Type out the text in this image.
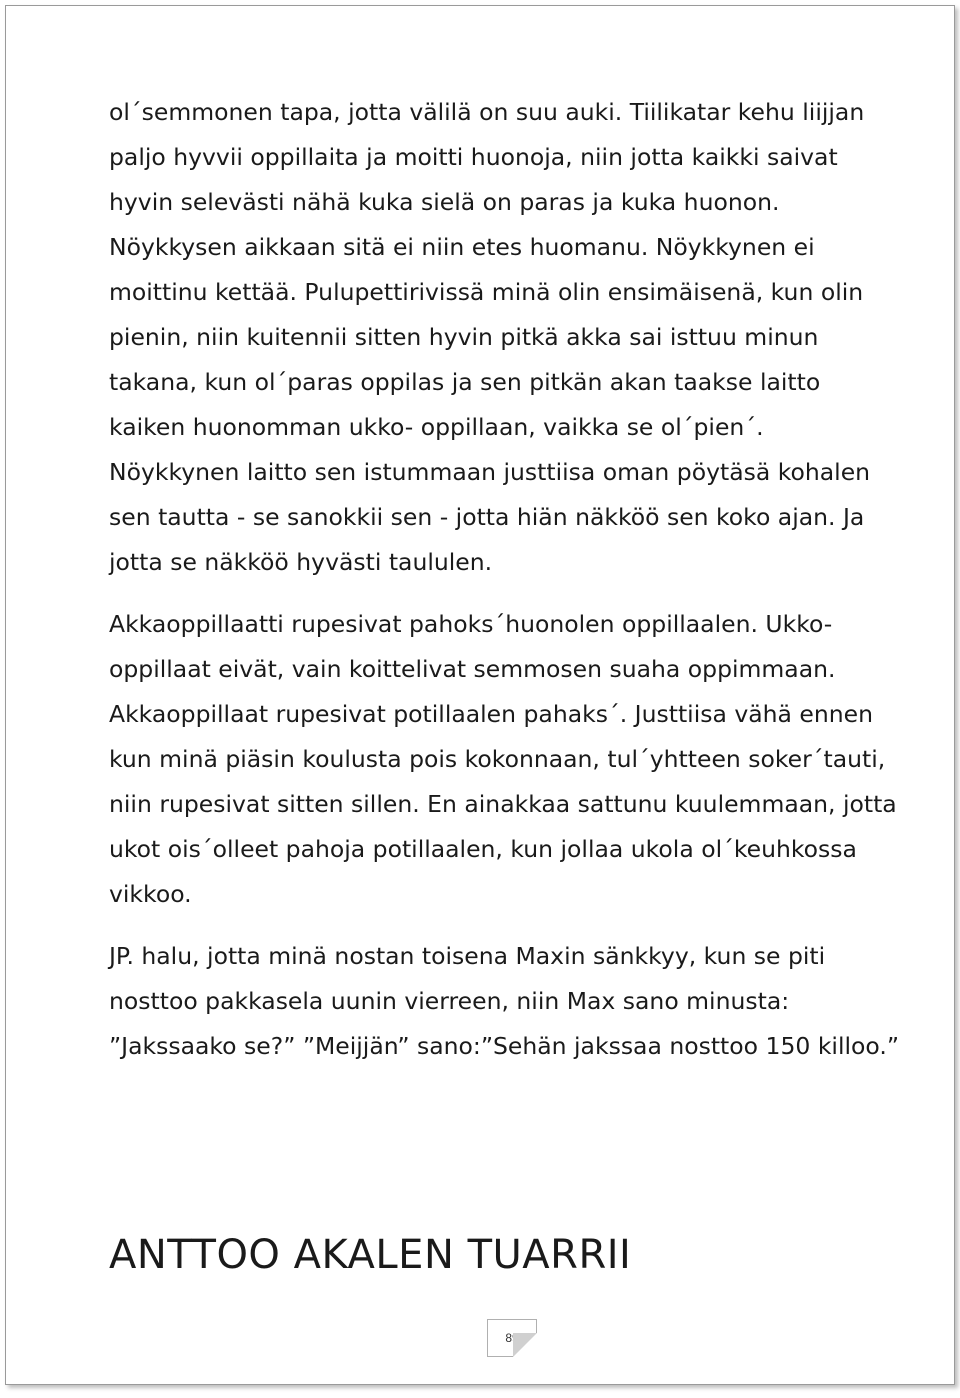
ol´semmonen tapa, jotta välilä on suu auki. Tiilikatar kehu liijjan paljo hyvvii oppillaita ja moitti huonoja, niin jotta kaikki saivat hyvin selevästi nähä kuka sielä on paras ja kuka huonon. Nöykkysen aikkaan sitä ei niin etes huomanu. Nöykkynen ei moittinu kettää. Pulupettirivissä minä olin ensimäisenä, kun olin pienin, niin kuitennii sitten hyvin pitkä akka sai isttuu minun takana, kun ol´paras oppilas ja sen pitkän akan taakse laitto kaiken huonomman ukko- oppillaan, vaikka se ol´pien´. Nöykkynen laitto sen istummaan justtiisa oman pöytäsä kohalen sen tautta - se sanokkii sen - jotta hiän näkköö sen koko ajan. Ja jotta se näkköö hyvästi taululen.

Akkaoppillaatti rupesivat pahoks´huonolen oppillaalen. Ukko-oppillaat eivät, vain koittelivat semmosen suaha oppimmaan. Akkaoppillaat rupesivat potillaalen pahaks´. Justtiisa vähä ennen kun minä piäsin koulusta pois kokonnaan, tul´yhtteen soker´tauti, niin rupesivat sitten sillen. En ainakkaa sattunu kuulemmaan, jotta ukot ois´olleet pahoja potillaalen, kun jollaa ukola ol´keuhkossa vikkoo.

JP. halu, jotta minä nostan toisena Maxin sänkkyy, kun se piti nosttoo pakkasela uunin vierreen, niin Max sano minusta: ”Jakssaako se?” ”Meijjän” sano:”Sehän jakssaa nosttoo 150 killoo.”

ANTTOO AKALEN TUARRII
89
